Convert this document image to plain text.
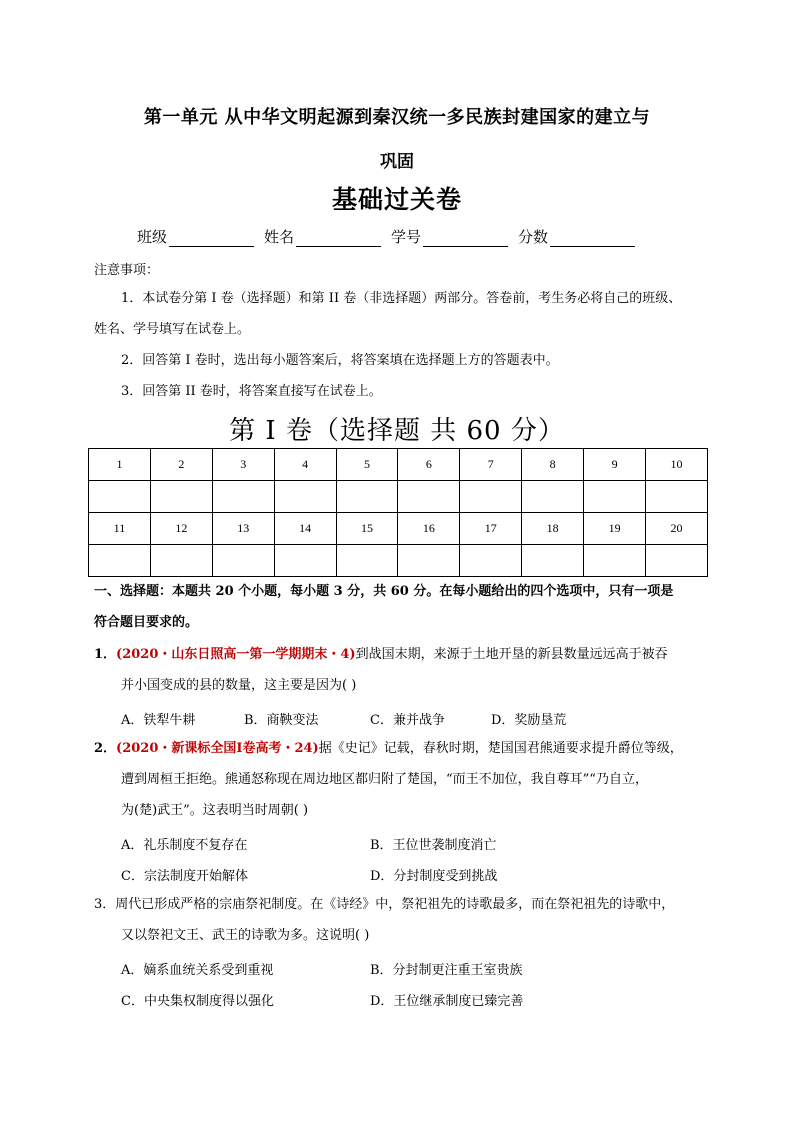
第一单元 从中华文明起源到秦汉统一多民族封建国家的建立与
巩固
基础过关卷
班级	姓名	学号	分数
注意事项：
1．本试卷分第 I 卷（选择题）和第 II 卷（非选择题）两部分。答卷前，考生务必将自己的班级、
姓名、学号填写在试卷上。
2．回答第 I 卷时，选出每小题答案后，将答案填在选择题上方的答题表中。
3．回答第 II 卷时，将答案直接写在试卷上。
第 I 卷（选择题 共 60 分）
1	2	3	4	5	6	7	8	9	10

11	12	13	14	15	16	17	18	19	20

一、选择题：本题共 20 个小题，每小题 3 分，共 60 分。在每小题给出的四个选项中，只有一项是
符合题目要求的。
1．(2020・山东日照高一第一学期期末・4)到战国末期，来源于土地开垦的新县数量远远高于被吞
并小国变成的县的数量，这主要是因为( )
A．铁犁牛耕	B．商鞅变法	C．兼并战争	D．奖励垦荒
2．(2020・新课标全国Ⅰ卷高考・24)据《史记》记载，春秋时期，楚国国君熊通要求提升爵位等级，
遭到周桓王拒绝。熊通怒称现在周边地区都归附了楚国，“而王不加位，我自尊耳”“乃自立，
为(楚)武王”。这表明当时周朝( )
A．礼乐制度不复存在	B．王位世袭制度消亡
C．宗法制度开始解体	D．分封制度受到挑战
3．周代已形成严格的宗庙祭祀制度。在《诗经》中，祭祀祖先的诗歌最多，而在祭祀祖先的诗歌中，
又以祭祀文王、武王的诗歌为多。这说明( )
A．嫡系血统关系受到重视	B．分封制更注重王室贵族
C．中央集权制度得以强化	D．王位继承制度已臻完善
